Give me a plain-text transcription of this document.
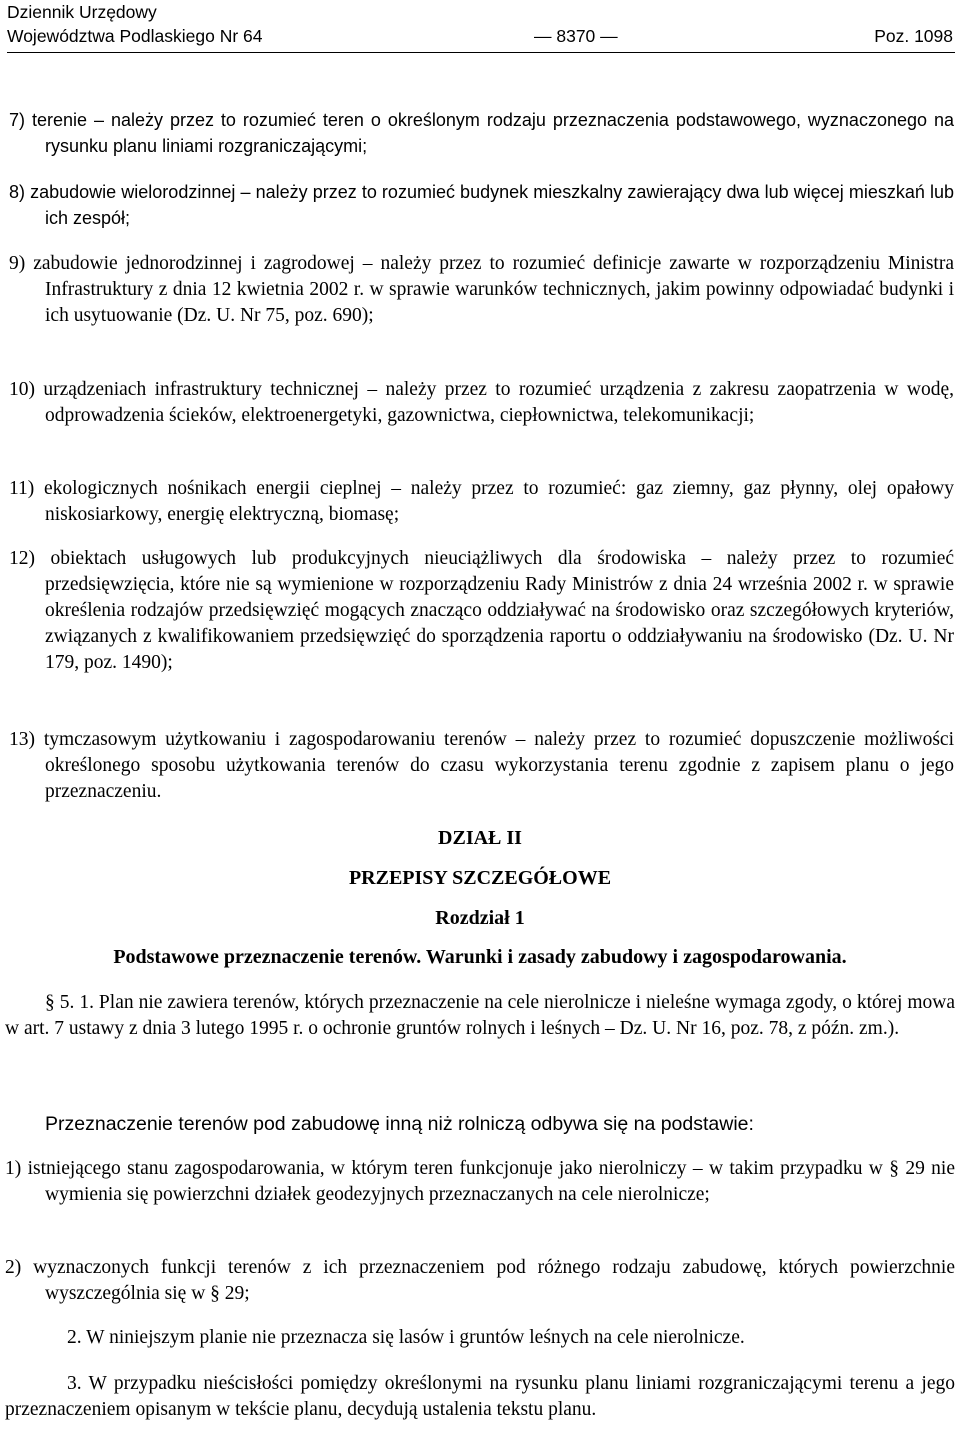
Dziennik Urzędowy
Województwa Podlaskiego Nr 64	— 8370 —	Poz. 1098
7) terenie – należy przez to rozumieć teren o określonym rodzaju przeznaczenia podstawowego, wyznaczonego na rysunku planu liniami rozgraniczającymi;
8) zabudowie wielorodzinnej – należy przez to rozumieć budynek mieszkalny zawierający dwa lub więcej mieszkań lub ich zespół;
9) zabudowie jednorodzinnej i zagrodowej – należy przez to rozumieć definicje zawarte w rozporządzeniu Ministra Infrastruktury z dnia 12 kwietnia 2002 r. w sprawie warunków technicznych, jakim powinny odpowiadać budynki i ich usytuowanie (Dz. U. Nr 75, poz. 690);
10) urządzeniach infrastruktury technicznej – należy przez to rozumieć urządzenia z zakresu zaopatrzenia w wodę, odprowadzenia ścieków, elektroenergetyki, gazownictwa, ciepłownictwa, telekomunikacji;
11) ekologicznych nośnikach energii cieplnej – należy przez to rozumieć: gaz ziemny, gaz płynny, olej opałowy niskosiarkowy, energię elektryczną, biomasę;
12) obiektach usługowych lub produkcyjnych nieuciążliwych dla środowiska – należy przez to rozumieć przedsięwzięcia, które nie są wymienione w rozporządzeniu Rady Ministrów z dnia 24 września 2002 r. w sprawie określenia rodzajów przedsięwzięć mogących znacząco oddziaływać na środowisko oraz szczegółowych kryteriów, związanych z kwalifikowaniem przedsięwzięć do sporządzenia raportu o oddziaływaniu na środowisko (Dz. U. Nr 179, poz. 1490);
13) tymczasowym użytkowaniu i zagospodarowaniu terenów – należy przez to rozumieć dopuszczenie możliwości określonego sposobu użytkowania terenów do czasu wykorzystania terenu zgodnie z zapisem planu o jego przeznaczeniu.
DZIAŁ II
PRZEPISY SZCZEGÓŁOWE
Rozdział 1
Podstawowe przeznaczenie terenów. Warunki i zasady zabudowy i zagospodarowania.
§ 5. 1. Plan nie zawiera terenów, których przeznaczenie na cele nierolnicze i nieleśne wymaga zgody, o której mowa w art. 7 ustawy z dnia 3 lutego 1995 r. o ochronie gruntów rolnych i leśnych – Dz. U. Nr 16, poz. 78, z późn. zm.).
Przeznaczenie terenów pod zabudowę inną niż rolniczą odbywa się na podstawie:
1) istniejącego stanu zagospodarowania, w którym teren funkcjonuje jako nierolniczy – w takim przypadku w § 29 nie wymienia się powierzchni działek geodezyjnych przeznaczanych na cele nierolnicze;
2) wyznaczonych funkcji terenów z ich przeznaczeniem pod różnego rodzaju zabudowę, których powierzchnie wyszczególnia się w § 29;
2. W niniejszym planie nie przeznacza się lasów i gruntów leśnych na cele nierolnicze.
3. W przypadku nieścisłości pomiędzy określonymi na rysunku planu liniami rozgraniczającymi terenu a jego przeznaczeniem opisanym w tekście planu, decydują ustalenia tekstu planu.
